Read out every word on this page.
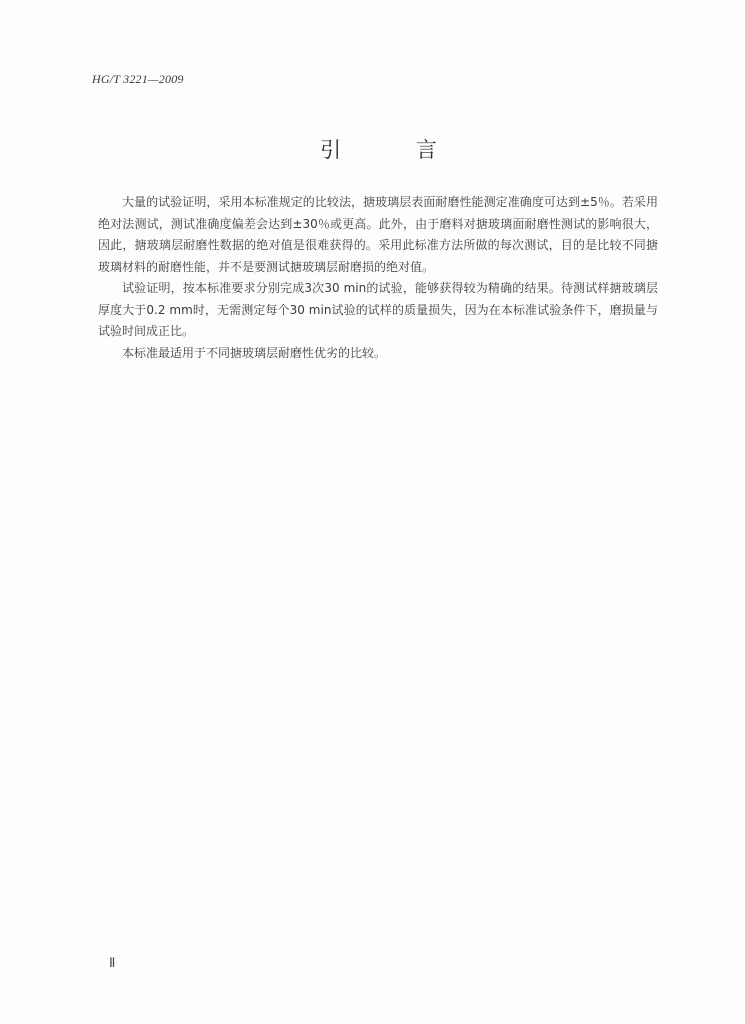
HG/T 3221—2009
引 言

大量的试验证明，采用本标准规定的比较法，搪玻璃层表面耐磨性能测定准确度可达到±5％。若采用绝对法测试，测试准确度偏差会达到±30％或更高。此外，由于磨料对搪玻璃面耐磨性测试的影响很大，因此，搪玻璃层耐磨性数据的绝对值是很难获得的。采用此标准方法所做的每次测试，目的是比较不同搪玻璃材料的耐磨性能，并不是要测试搪玻璃层耐磨损的绝对值。

试验证明，按本标准要求分别完成3次30 min的试验，能够获得较为精确的结果。待测试样搪玻璃层厚度大于0.2 mm时，无需测定每个30 min试验的试样的质量损失，因为在本标准试验条件下，磨损量与试验时间成正比。

本标准最适用于不同搪玻璃层耐磨性优劣的比较。

Ⅱ
